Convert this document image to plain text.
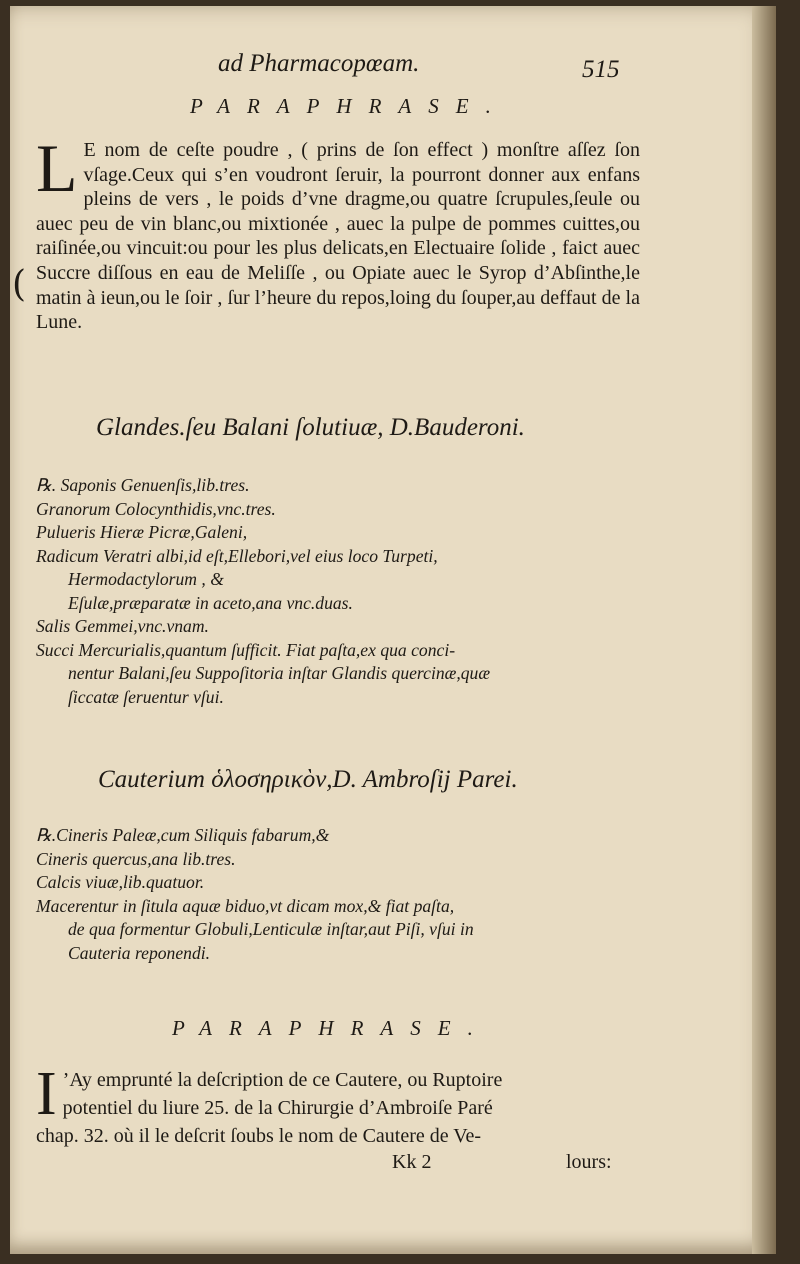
ad Pharmacopœam.	515
PARAPHRASE.
L E nom de ceſte poudre , ( prins de ſon effect ) monſtre aſſez ſon vſage.Ceux qui s’en voudront ſeruir, la pourront donner aux enfans pleins de vers , le poids d’vne dragme,ou quatre ſcrupules,ſeule ou auec peu de vin blanc,ou mixtionée , auec la pulpe de pommes cuittes,ou raiſinée,ou vincuit:ou pour les plus delicats,en Electuaire ſolide , faict auec Succre diſſous en eau de Meliſſe , ou Opiate auec le Syrop d’Abſinthe,le matin à ieun,ou le ſoir , ſur l’heure du repos,loing du ſouper,au deffaut de la Lune.
(
Glandes.ſeu Balani ſolutiuæ, D.Bauderoni.
℞. Saponis Genuenſis,lib.tres.
Granorum Colocynthidis,vnc.tres.
Pulueris Hieræ Picræ,Galeni,
Radicum Veratri albi,id eſt,Ellebori,vel eius loco Turpeti,
Hermodactylorum , &
Eſulæ,præparatæ in aceto,ana vnc.duas.
Salis Gemmei,vnc.vnam.
Succi Mercurialis,quantum ſufficit. Fiat paſta,ex qua conci-
nentur Balani,ſeu Suppoſitoria inſtar Glandis quercinæ,quæ
ſiccatæ ſeruentur vſui.
Cauterium ὁλοσηρικὸν,D. Ambroſij Parei.
℞.Cineris Paleæ,cum Siliquis fabarum,&
Cineris quercus,ana lib.tres.
Calcis viuæ,lib.quatuor.
Macerentur in ſitula aquæ biduo,vt dicam mox,& fiat paſta,
de qua formentur Globuli,Lenticulæ inſtar,aut Piſi, vſui in
Cauteria reponendi.
PARAPHRASE.
I ’Ay emprunté la deſcription de ce Cautere, ou Ruptoire
potentiel du liure 25. de la Chirurgie d’Ambroiſe Paré
chap. 32. où il le deſcrit ſoubs le nom de Cautere de Ve-
Kk 2	lours:
